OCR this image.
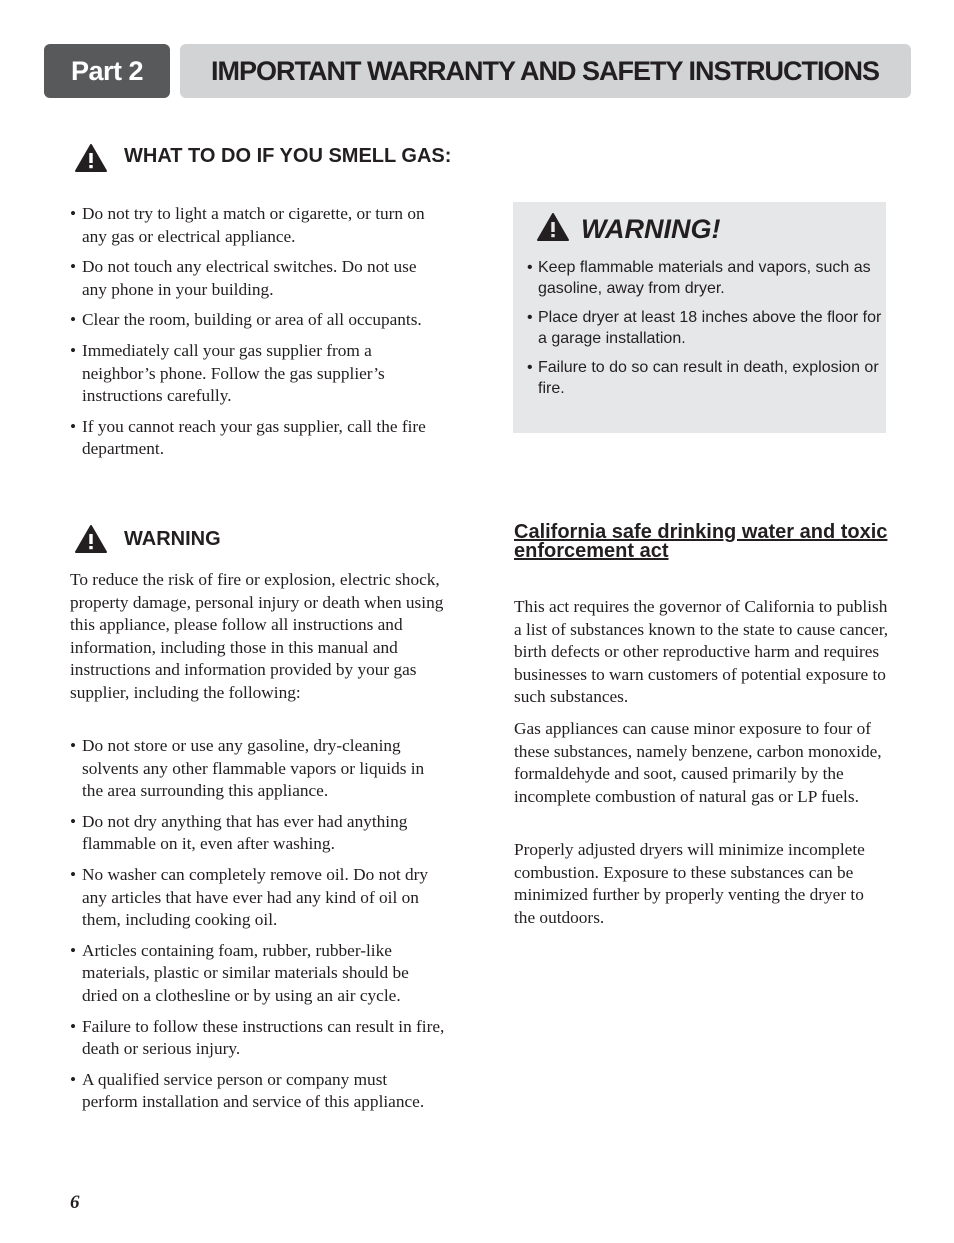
Part 2	IMPORTANT WARRANTY AND SAFETY INSTRUCTIONS
WHAT TO DO IF YOU SMELL GAS:
• Do not try to light a match or cigarette, or turn on any gas or electrical appliance.
• Do not touch any electrical switches. Do not use any phone in your building.
• Clear the room, building or area of all occupants.
• Immediately call your gas supplier from a neighbor’s phone. Follow the gas supplier’s instructions carefully.
• If you cannot reach your gas supplier, call the fire department.
WARNING!
• Keep flammable materials and vapors, such as gasoline, away from dryer.
• Place dryer at least 18 inches above the floor for a garage installation.
• Failure to do so can result in death, explosion or fire.
WARNING

To reduce the risk of fire or explosion, electric shock, property damage, personal injury or death when using this appliance, please follow all instructions and information, including those in this manual and instructions and information provided by your gas supplier, including the following:

• Do not store or use any gasoline, dry-cleaning solvents any other flammable vapors or liquids in the area surrounding this appliance.
• Do not dry anything that has ever had anything flammable on it, even after washing.
• No washer can completely remove oil. Do not dry any articles that have ever had any kind of oil on them, including cooking oil.
• Articles containing foam, rubber, rubber-like materials, plastic or similar materials should be dried on a clothesline or by using an air cycle.
• Failure to follow these instructions can result in fire, death or serious injury.
• A qualified service person or company must perform installation and service of this appliance.
California safe drinking water and toxic enforcement act

This act requires the governor of California to publish a list of substances known to the state to cause cancer, birth defects or other reproductive harm and requires businesses to warn customers of potential exposure to such substances.

Gas appliances can cause minor exposure to four of these substances, namely benzene, carbon monoxide, formaldehyde and soot, caused primarily by the incomplete combustion of natural gas or LP fuels.

Properly adjusted dryers will minimize incomplete combustion. Exposure to these substances can be minimized further by properly venting the dryer to the outdoors.

6
